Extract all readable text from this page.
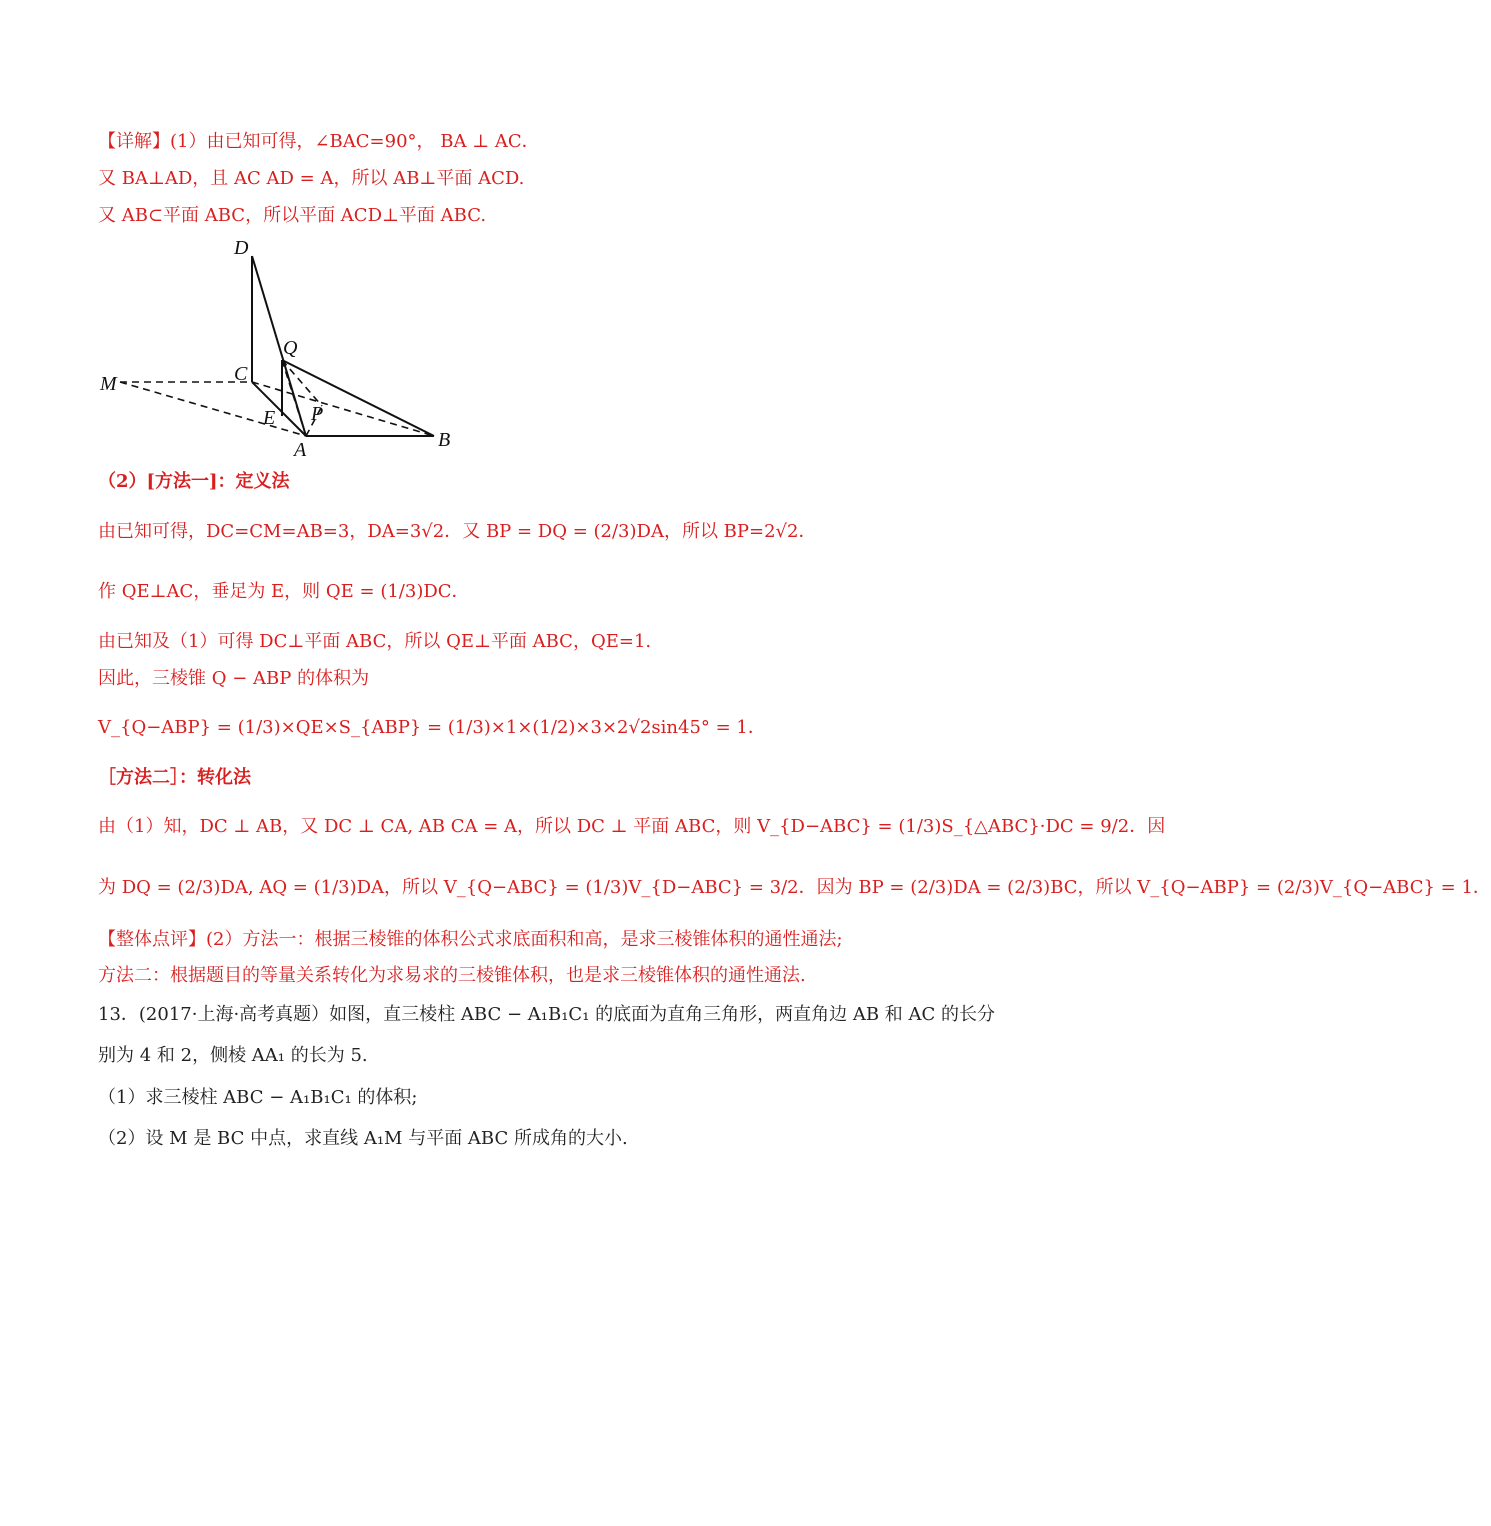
【详解】(1）由已知可得，∠BAC=90°， BA ⊥ AC．
又 BA⊥AD，且 AC AD = A，所以 AB⊥平面 ACD.
又 AB⊂平面 ABC，所以平面 ACD⊥平面 ABC.
D
Q
C
M
E P
A	B
（2）[方法一]：定义法
由已知可得，DC=CM=AB=3，DA=3√2．又 BP = DQ = (2/3)DA，所以 BP=2√2．
作 QE⊥AC，垂足为 E，则 QE = (1/3)DC．
由已知及（1）可得 DC⊥平面 ABC，所以 QE⊥平面 ABC，QE=1.
因此，三棱锥 Q − ABP 的体积为
V_{Q−ABP} = (1/3)×QE×S_{ABP} = (1/3)×1×(1/2)×3×2√2sin45° = 1．
［方法二］：转化法
由（1）知，DC ⊥ AB，又 DC ⊥ CA, AB CA = A，所以 DC ⊥ 平面 ABC，则 V_{D−ABC} = (1/3)S_{△ABC}·DC = 9/2．因
为 DQ = (2/3)DA, AQ = (1/3)DA，所以 V_{Q−ABC} = (1/3)V_{D−ABC} = 3/2．因为 BP = (2/3)DA = (2/3)BC，所以 V_{Q−ABP} = (2/3)V_{Q−ABC} = 1．
【整体点评】(2）方法一：根据三棱锥的体积公式求底面积和高，是求三棱锥体积的通性通法;
方法二：根据题目的等量关系转化为求易求的三棱锥体积，也是求三棱锥体积的通性通法.
13．(2017·上海·高考真题）如图，直三棱柱 ABC − A₁B₁C₁ 的底面为直角三角形，两直角边 AB 和 AC 的长分
别为 4 和 2，侧棱 AA₁ 的长为 5.
（1）求三棱柱 ABC − A₁B₁C₁ 的体积;
（2）设 M 是 BC 中点，求直线 A₁M 与平面 ABC 所成角的大小.
